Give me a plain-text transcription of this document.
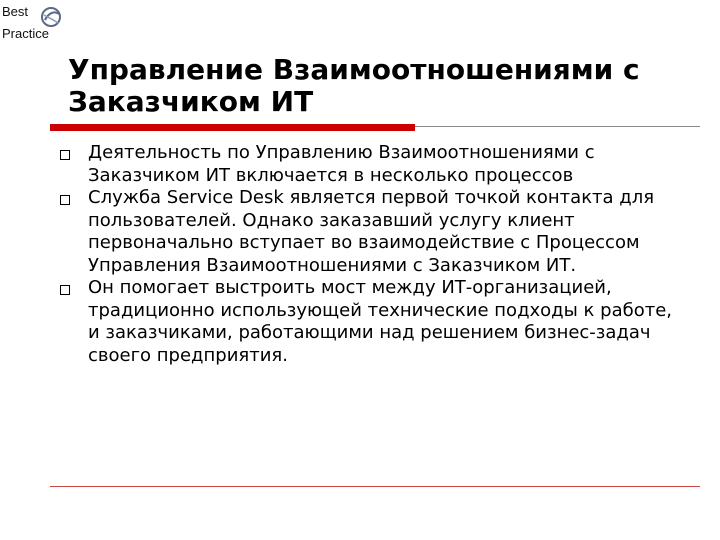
Best
Practice
Управление Взаимоотношениями с Заказчиком ИТ
Деятельность по Управлению Взаимоотношениями с Заказчиком ИТ включается в несколько процессов
Служба Service Desk является первой точкой контакта для пользователей. Однако заказавший услугу клиент первоначально вступает во взаимодействие с Процессом Управления Взаимоотношениями с Заказчиком ИТ.
Он помогает выстроить мост между ИТ-организацией, традиционно использующей технические подходы к работе, и заказчиками, работающими над решением бизнес-задач своего предприятия.
